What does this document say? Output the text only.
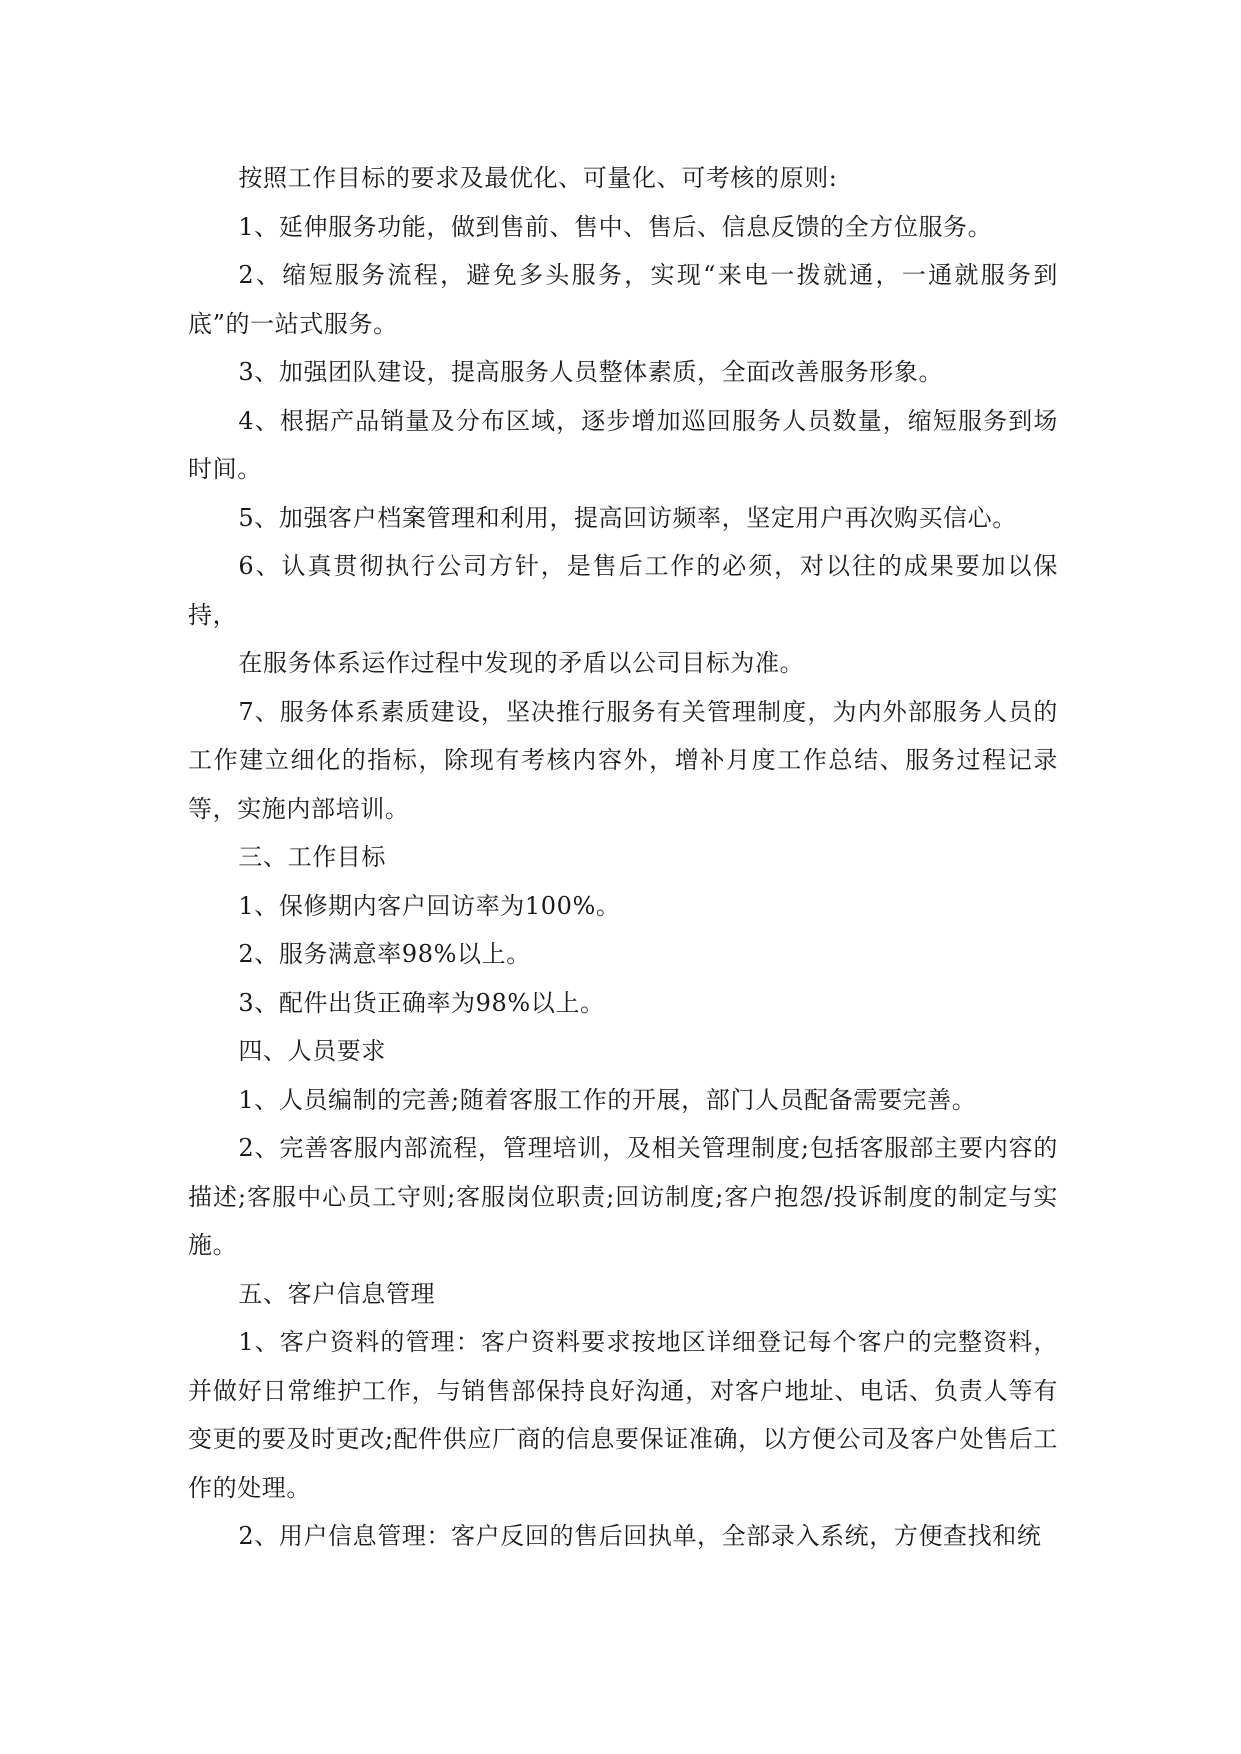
按照工作目标的要求及最优化、可量化、可考核的原则:

1、延伸服务功能，做到售前、售中、售后、信息反馈的全方位服务。

2、缩短服务流程，避免多头服务，实现“来电一拨就通，一通就服务到底”的一站式服务。

3、加强团队建设，提高服务人员整体素质，全面改善服务形象。

4、根据产品销量及分布区域，逐步增加巡回服务人员数量，缩短服务到场时间。

5、加强客户档案管理和利用，提高回访频率，坚定用户再次购买信心。

6、认真贯彻执行公司方针，是售后工作的必须，对以往的成果要加以保持，

在服务体系运作过程中发现的矛盾以公司目标为准。

7、服务体系素质建设，坚决推行服务有关管理制度，为内外部服务人员的工作建立细化的指标，除现有考核内容外，增补月度工作总结、服务过程记录等，实施内部培训。

三、工作目标

1、保修期内客户回访率为100%。

2、服务满意率98%以上。

3、配件出货正确率为98%以上。

四、人员要求

1、人员编制的完善;随着客服工作的开展，部门人员配备需要完善。

2、完善客服内部流程，管理培训，及相关管理制度;包括客服部主要内容的描述;客服中心员工守则;客服岗位职责;回访制度;客户抱怨/投诉制度的制定与实施。

五、客户信息管理

1、客户资料的管理：客户资料要求按地区详细登记每个客户的完整资料，并做好日常维护工作，与销售部保持良好沟通，对客户地址、电话、负责人等有变更的要及时更改;配件供应厂商的信息要保证准确，以方便公司及客户处售后工作的处理。

2、用户信息管理：客户反回的售后回执单，全部录入系统，方便查找和统
